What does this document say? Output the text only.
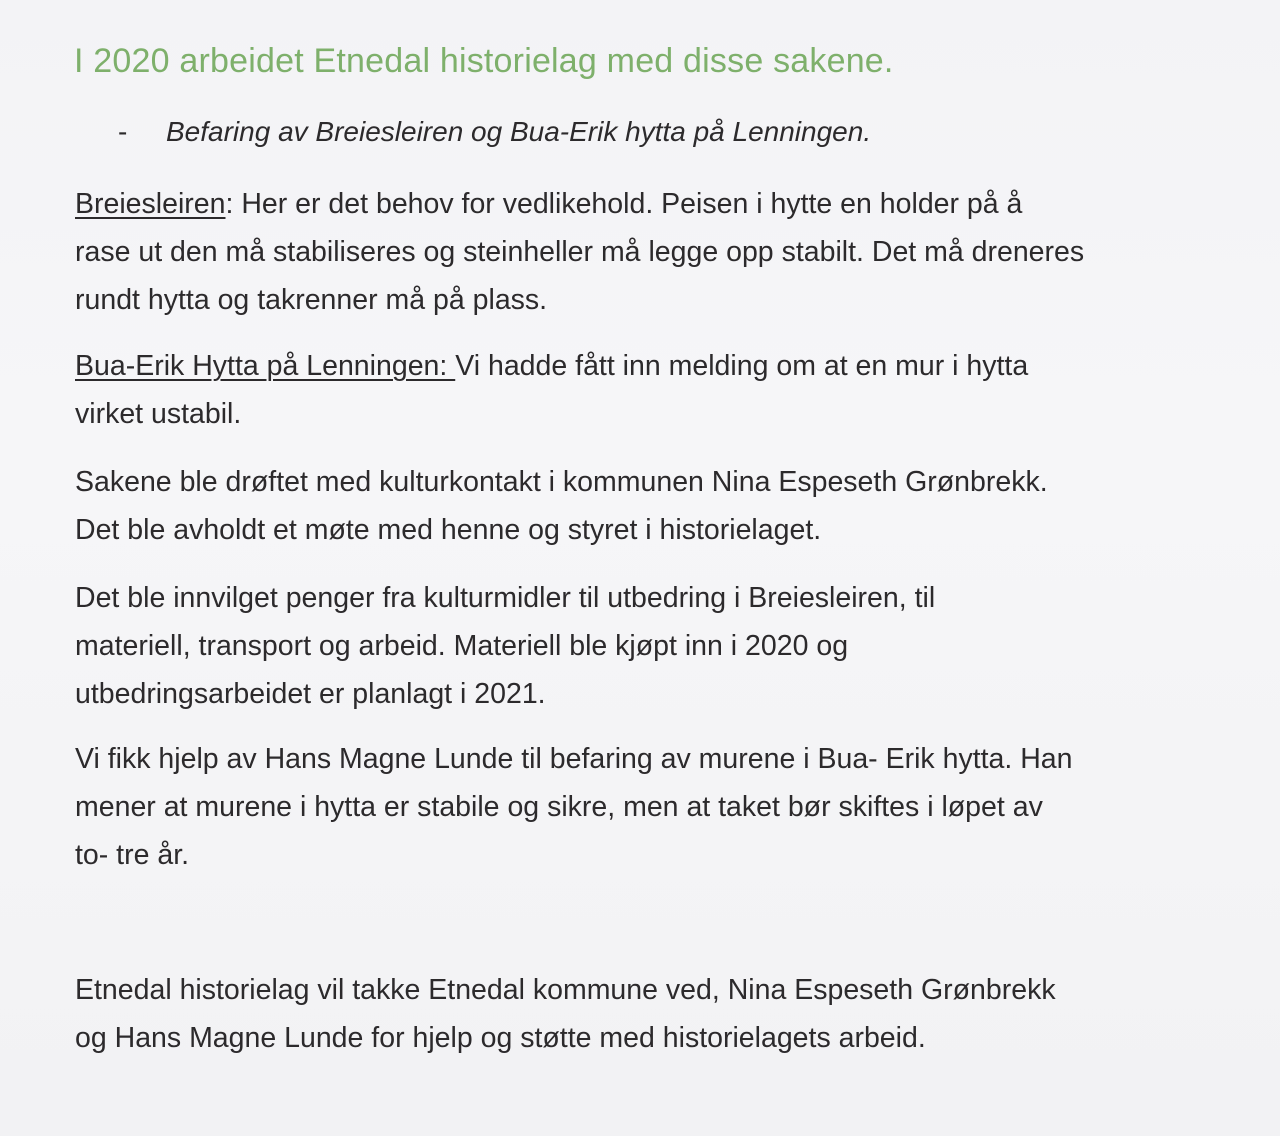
I 2020 arbeidet Etnedal historielag med disse sakene.
- Befaring av Breiesleiren og Bua-Erik hytta på Lenningen.

Breiesleiren: Her er det behov for vedlikehold. Peisen i hytte en holder på å
rase ut den må stabiliseres og steinheller må legge opp stabilt. Det må dreneres
rundt hytta og takrenner må på plass.

Bua-Erik Hytta på Lenningen: Vi hadde fått inn melding om at en mur i hytta
virket ustabil.

Sakene ble drøftet med kulturkontakt i kommunen Nina Espeseth Grønbrekk.
Det ble avholdt et møte med henne og styret i historielaget.

Det ble innvilget penger fra kulturmidler til utbedring i Breiesleiren, til
materiell, transport og arbeid. Materiell ble kjøpt inn i 2020 og
utbedringsarbeidet er planlagt i 2021.

Vi fikk hjelp av Hans Magne Lunde til befaring av murene i Bua- Erik hytta. Han
mener at murene i hytta er stabile og sikre, men at taket bør skiftes i løpet av
to- tre år.

Etnedal historielag vil takke Etnedal kommune ved, Nina Espeseth Grønbrekk
og Hans Magne Lunde for hjelp og støtte med historielagets arbeid.
